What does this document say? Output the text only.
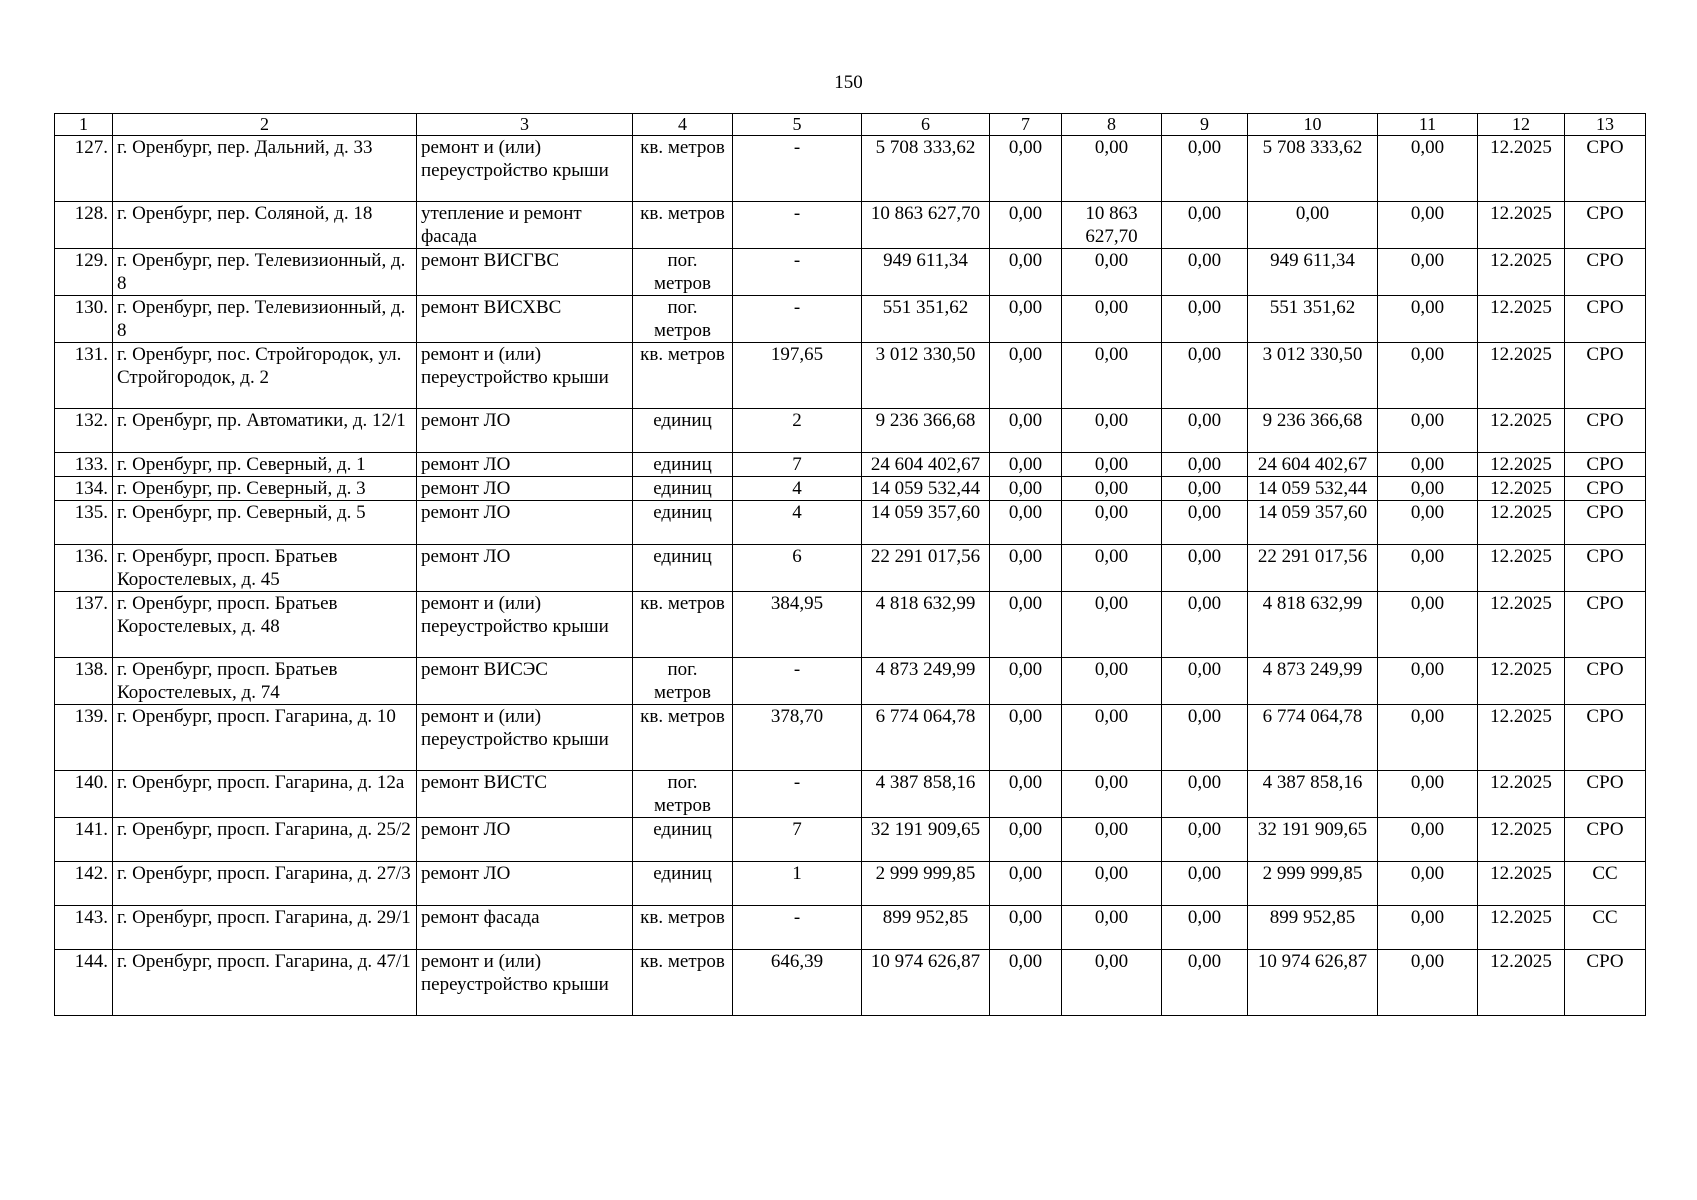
150
1	2	3	4	5	6	7	8	9	10	11	12	13
127.	г. Оренбург, пер. Дальний, д. 33	ремонт и (или) переустройство крыши	кв. метров	-	5 708 333,62	0,00	0,00	0,00	5 708 333,62	0,00	12.2025	СРО
128.	г. Оренбург, пер. Соляной, д. 18	утепление и ремонт фасада	кв. метров	-	10 863 627,70	0,00	10 863 627,70	0,00	0,00	0,00	12.2025	СРО
129.	г. Оренбург, пер. Телевизионный, д. 8	ремонт ВИСГВС	пог. метров	-	949 611,34	0,00	0,00	0,00	949 611,34	0,00	12.2025	СРО
130.	г. Оренбург, пер. Телевизионный, д. 8	ремонт ВИСХВС	пог. метров	-	551 351,62	0,00	0,00	0,00	551 351,62	0,00	12.2025	СРО
131.	г. Оренбург, пос. Стройгородок, ул. Стройгородок, д. 2	ремонт и (или) переустройство крыши	кв. метров	197,65	3 012 330,50	0,00	0,00	0,00	3 012 330,50	0,00	12.2025	СРО
132.	г. Оренбург, пр. Автоматики, д. 12/1	ремонт ЛО	единиц	2	9 236 366,68	0,00	0,00	0,00	9 236 366,68	0,00	12.2025	СРО
133.	г. Оренбург, пр. Северный, д. 1	ремонт ЛО	единиц	7	24 604 402,67	0,00	0,00	0,00	24 604 402,67	0,00	12.2025	СРО
134.	г. Оренбург, пр. Северный, д. 3	ремонт ЛО	единиц	4	14 059 532,44	0,00	0,00	0,00	14 059 532,44	0,00	12.2025	СРО
135.	г. Оренбург, пр. Северный, д. 5	ремонт ЛО	единиц	4	14 059 357,60	0,00	0,00	0,00	14 059 357,60	0,00	12.2025	СРО
136.	г. Оренбург, просп. Братьев Коростелевых, д. 45	ремонт ЛО	единиц	6	22 291 017,56	0,00	0,00	0,00	22 291 017,56	0,00	12.2025	СРО
137.	г. Оренбург, просп. Братьев Коростелевых, д. 48	ремонт и (или) переустройство крыши	кв. метров	384,95	4 818 632,99	0,00	0,00	0,00	4 818 632,99	0,00	12.2025	СРО
138.	г. Оренбург, просп. Братьев Коростелевых, д. 74	ремонт ВИСЭС	пог. метров	-	4 873 249,99	0,00	0,00	0,00	4 873 249,99	0,00	12.2025	СРО
139.	г. Оренбург, просп. Гагарина, д. 10	ремонт и (или) переустройство крыши	кв. метров	378,70	6 774 064,78	0,00	0,00	0,00	6 774 064,78	0,00	12.2025	СРО
140.	г. Оренбург, просп. Гагарина, д. 12а	ремонт ВИСТС	пог. метров	-	4 387 858,16	0,00	0,00	0,00	4 387 858,16	0,00	12.2025	СРО
141.	г. Оренбург, просп. Гагарина, д. 25/2	ремонт ЛО	единиц	7	32 191 909,65	0,00	0,00	0,00	32 191 909,65	0,00	12.2025	СРО
142.	г. Оренбург, просп. Гагарина, д. 27/3	ремонт ЛО	единиц	1	2 999 999,85	0,00	0,00	0,00	2 999 999,85	0,00	12.2025	СС
143.	г. Оренбург, просп. Гагарина, д. 29/1	ремонт фасада	кв. метров	-	899 952,85	0,00	0,00	0,00	899 952,85	0,00	12.2025	СС
144.	г. Оренбург, просп. Гагарина, д. 47/1	ремонт и (или) переустройство крыши	кв. метров	646,39	10 974 626,87	0,00	0,00	0,00	10 974 626,87	0,00	12.2025	СРО
